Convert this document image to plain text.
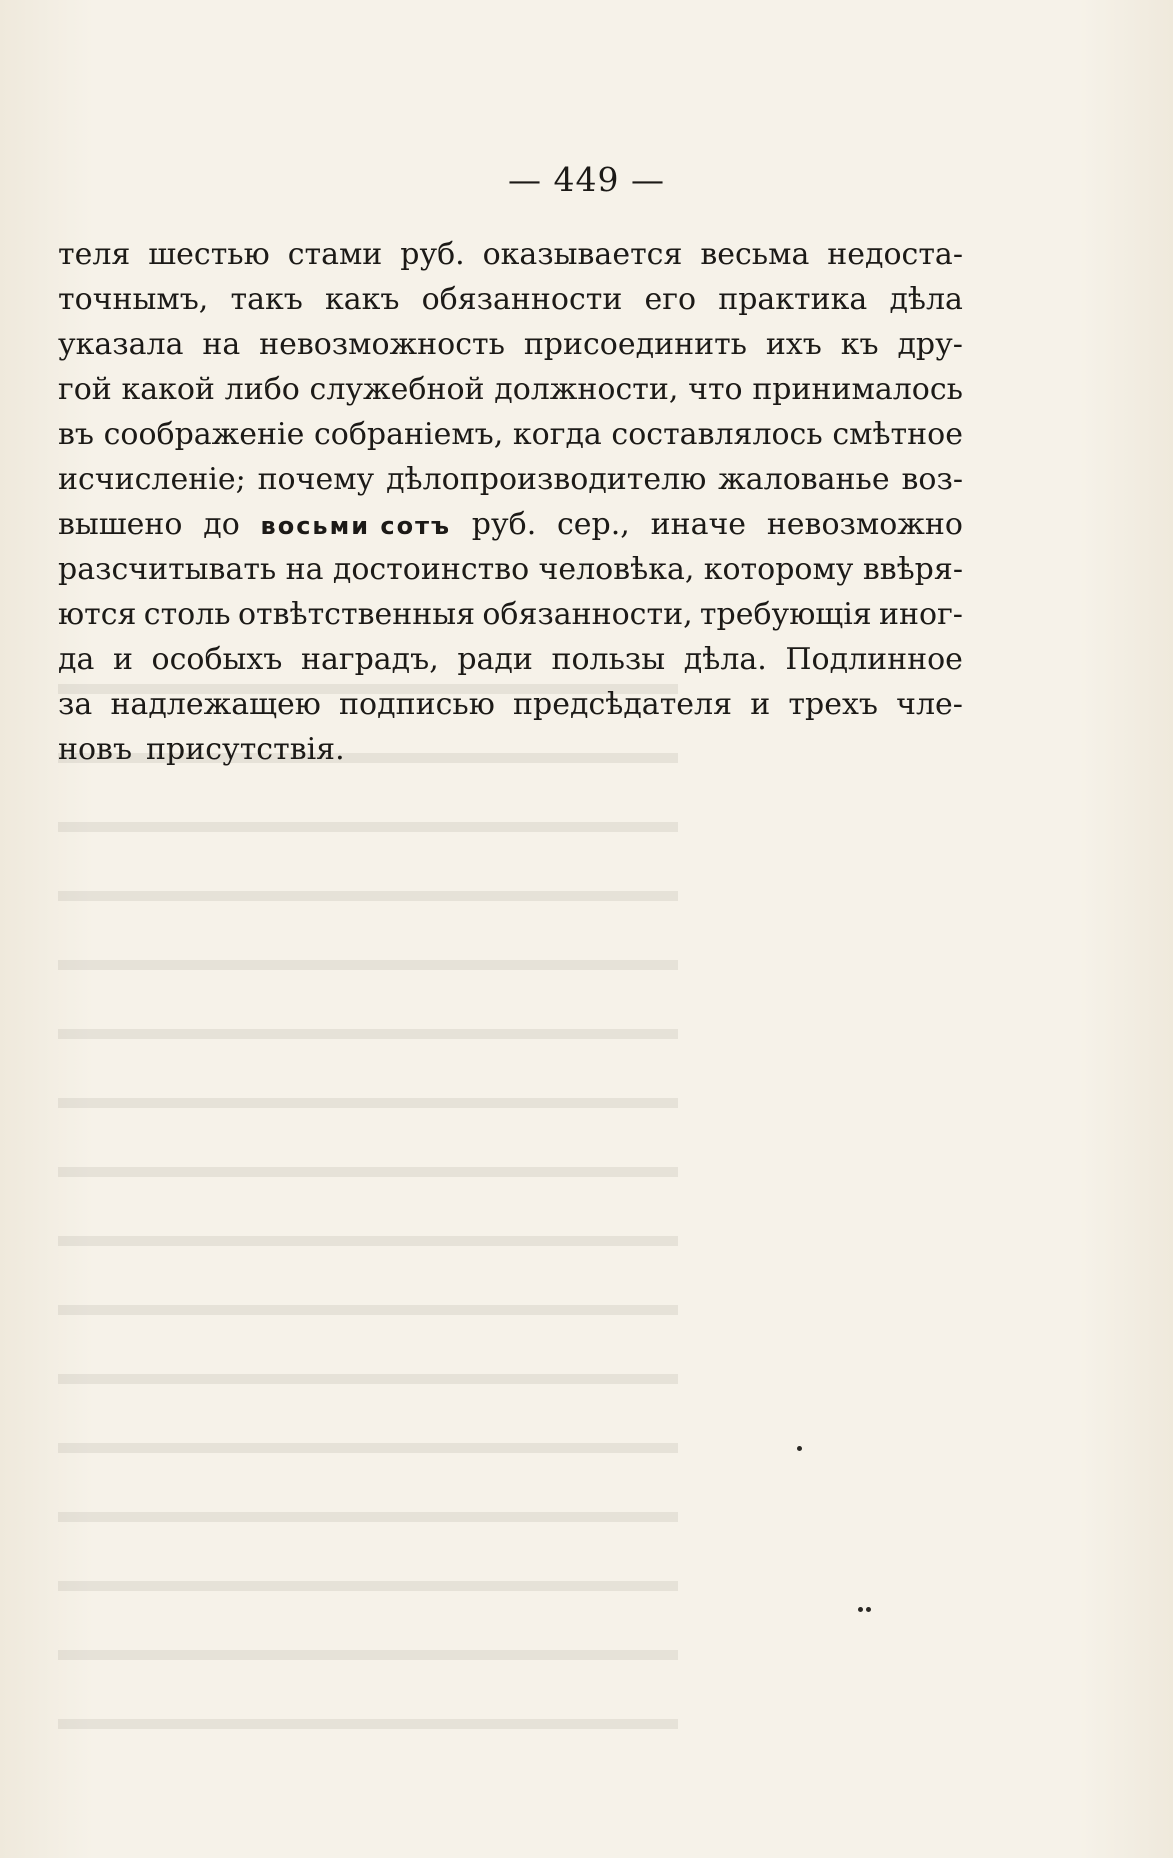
— 449 —
теля шестью стами руб. оказывается весьма недоста-
точнымъ, такъ какъ обязанности его практика дѣла
указала на невозможность присоединить ихъ къ дру-
гой какой либо служебной должности, что принималось
въ соображеніе собраніемъ, когда составлялось смѣтное
исчисленіе; почему дѣлопроизводителю жалованье воз-
вышено до восьми сотъ руб. сер., иначе невозможно
разсчитывать на достоинство человѣка, которому ввѣря-
ются столь отвѣтственныя обязанности, требующія иног-
да и особыхъ наградъ, ради пользы дѣла. Подлинное
за надлежащею подписью предсѣдателя и трехъ чле-
новъ присутствія.
